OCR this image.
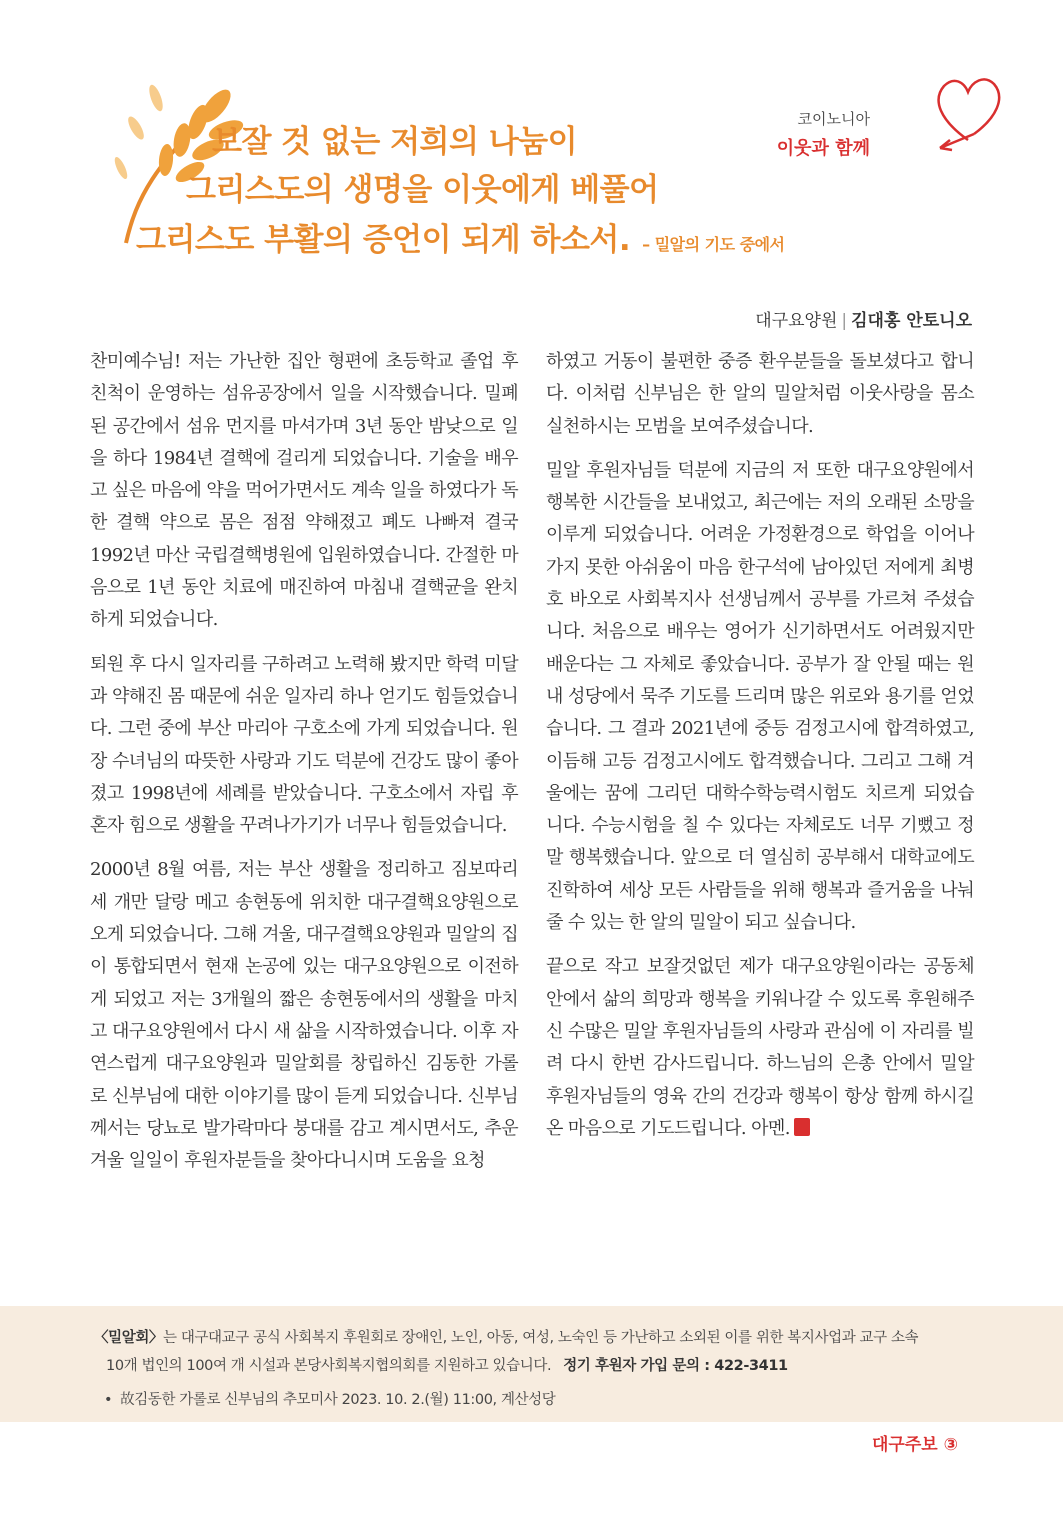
보잘 것 없는 저희의 나눔이
그리스도의 생명을 이웃에게 베풀어
그리스도 부활의 증언이 되게 하소서. – 밀알의 기도 중에서
코이노니아
이웃과 함께
대구요양원 | 김대홍 안토니오

찬미예수님! 저는 가난한 집안 형편에 초등학교 졸업 후 친척이 운영하는 섬유공장에서 일을 시작했습니다. 밀폐된 공간에서 섬유 먼지를 마셔가며 3년 동안 밤낮으로 일을 하다 1984년 결핵에 걸리게 되었습니다. 기술을 배우고 싶은 마음에 약을 먹어가면서도 계속 일을 하였다가 독한 결핵 약으로 몸은 점점 약해졌고 폐도 나빠져 결국 1992년 마산 국립결핵병원에 입원하였습니다. 간절한 마음으로 1년 동안 치료에 매진하여 마침내 결핵균을 완치하게 되었습니다.

퇴원 후 다시 일자리를 구하려고 노력해 봤지만 학력 미달과 약해진 몸 때문에 쉬운 일자리 하나 얻기도 힘들었습니다. 그런 중에 부산 마리아 구호소에 가게 되었습니다. 원장 수녀님의 따뜻한 사랑과 기도 덕분에 건강도 많이 좋아졌고 1998년에 세례를 받았습니다. 구호소에서 자립 후 혼자 힘으로 생활을 꾸려나가기가 너무나 힘들었습니다.

2000년 8월 여름, 저는 부산 생활을 정리하고 짐보따리 세 개만 달랑 메고 송현동에 위치한 대구결핵요양원으로 오게 되었습니다. 그해 겨울, 대구결핵요양원과 밀알의 집이 통합되면서 현재 논공에 있는 대구요양원으로 이전하게 되었고 저는 3개월의 짧은 송현동에서의 생활을 마치고 대구요양원에서 다시 새 삶을 시작하였습니다. 이후 자연스럽게 대구요양원과 밀알회를 창립하신 김동한 가롤로 신부님에 대한 이야기를 많이 듣게 되었습니다. 신부님께서는 당뇨로 발가락마다 붕대를 감고 계시면서도, 추운 겨울 일일이 후원자분들을 찾아다니시며 도움을 요청

하였고 거동이 불편한 중증 환우분들을 돌보셨다고 합니다. 이처럼 신부님은 한 알의 밀알처럼 이웃사랑을 몸소 실천하시는 모범을 보여주셨습니다.

밀알 후원자님들 덕분에 지금의 저 또한 대구요양원에서 행복한 시간들을 보내었고, 최근에는 저의 오래된 소망을 이루게 되었습니다. 어려운 가정환경으로 학업을 이어나가지 못한 아쉬움이 마음 한구석에 남아있던 저에게 최병호 바오로 사회복지사 선생님께서 공부를 가르쳐 주셨습니다. 처음으로 배우는 영어가 신기하면서도 어려웠지만 배운다는 그 자체로 좋았습니다. 공부가 잘 안될 때는 원내 성당에서 묵주 기도를 드리며 많은 위로와 용기를 얻었습니다. 그 결과 2021년에 중등 검정고시에 합격하였고, 이듬해 고등 검정고시에도 합격했습니다. 그리고 그해 겨울에는 꿈에 그리던 대학수학능력시험도 치르게 되었습니다. 수능시험을 칠 수 있다는 자체로도 너무 기뻤고 정말 행복했습니다. 앞으로 더 열심히 공부해서 대학교에도 진학하여 세상 모든 사람들을 위해 행복과 즐거움을 나눠 줄 수 있는 한 알의 밀알이 되고 싶습니다.

끝으로 작고 보잘것없던 제가 대구요양원이라는 공동체 안에서 삶의 희망과 행복을 키워나갈 수 있도록 후원해주신 수많은 밀알 후원자님들의 사랑과 관심에 이 자리를 빌려 다시 한번 감사드립니다. 하느님의 은총 안에서 밀알 후원자님들의 영육 간의 건강과 행복이 항상 함께 하시길 온 마음으로 기도드립니다. 아멘.

〈밀알회〉는 대구대교구 공식 사회복지 후원회로 장애인, 노인, 아동, 여성, 노숙인 등 가난하고 소외된 이를 위한 복지사업과 교구 소속
10개 법인의 100여 개 시설과 본당사회복지협의회를 지원하고 있습니다. 정기 후원자 가입 문의 : 422-3411
• 故김동한 가롤로 신부님의 추모미사 2023. 10. 2.(월) 11:00, 계산성당
대구주보 ③
